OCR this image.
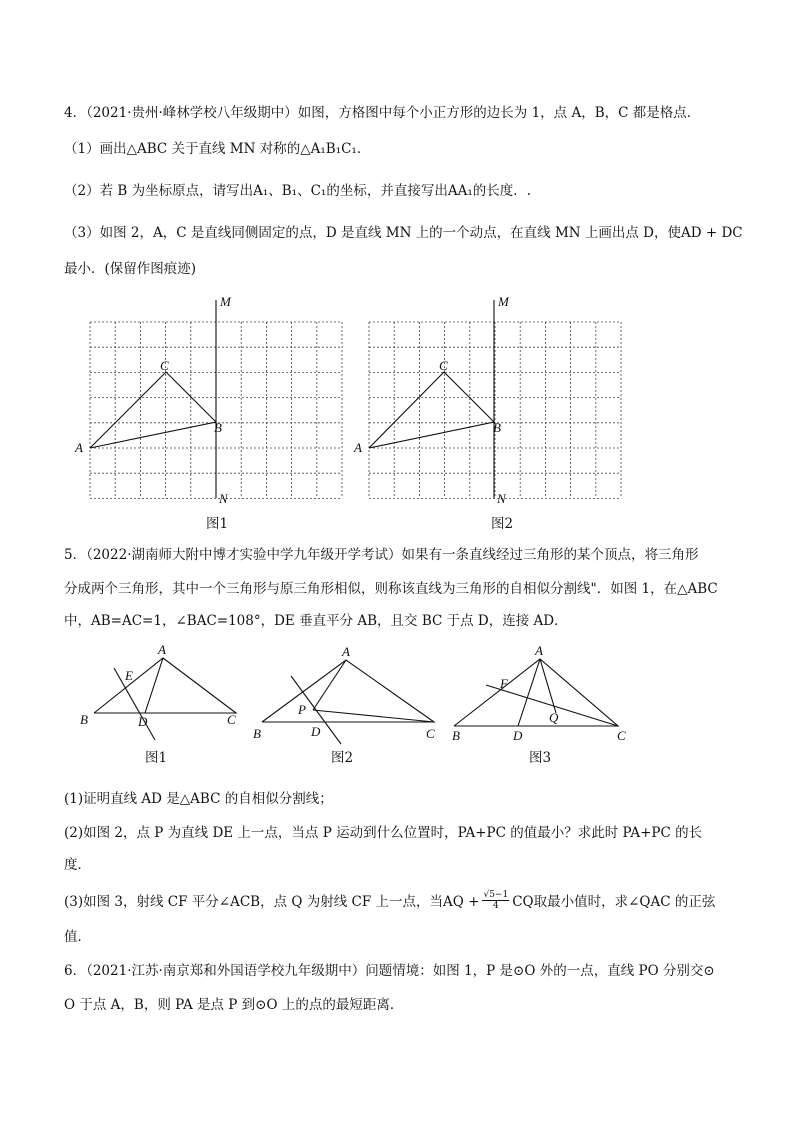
4．（2021·贵州·峰林学校八年级期中）如图，方格图中每个小正方形的边长为 1，点 A，B，C 都是格点．
（1）画出△ABC 关于直线 MN 对称的△A₁B₁C₁．
（2）若 B 为坐标原点，请写出A₁、B₁、C₁的坐标，并直接写出AA₁的长度．.
（3）如图 2，A，C 是直线同侧固定的点，D 是直线 MN 上的一个动点，在直线 MN 上画出点 D，使AD + DC
最小．(保留作图痕迹)
M
N
A
B
C
M
N
A
B
C
图1	图2
5．（2022·湖南师大附中博才实验中学九年级开学考试）如果有一条直线经过三角形的某个顶点，将三角形
分成两个三角形，其中一个三角形与原三角形相似，则称该直线为三角形的自相似分割线"．如图 1，在△ABC
中，AB=AC=1，∠BAC=108°，DE 垂直平分 AB，且交 BC 于点 D，连接 AD．
A
B	C
D
E
A
B	C
D
P
A
B	C
D
F
Q
图1	图2	图3
(1)证明直线 AD 是△ABC 的自相似分割线；
(2)如图 2，点 P 为直线 DE 上一点，当点 P 运动到什么位置时，PA+PC 的值最小？求此时 PA+PC 的长
度．
(3)如图 3，射线 CF 平分∠ACB，点 Q 为射线 CF 上一点，当AQ + $\frac{√5-1}{4}$ CQ取最小值时，求∠QAC 的正弦
值．
6．（2021·江苏·南京郑和外国语学校九年级期中）问题情境：如图 1，P 是⊙O 外的一点，直线 PO 分别交⊙
O 于点 A，B，则 PA 是点 P 到⊙O 上的点的最短距离．
